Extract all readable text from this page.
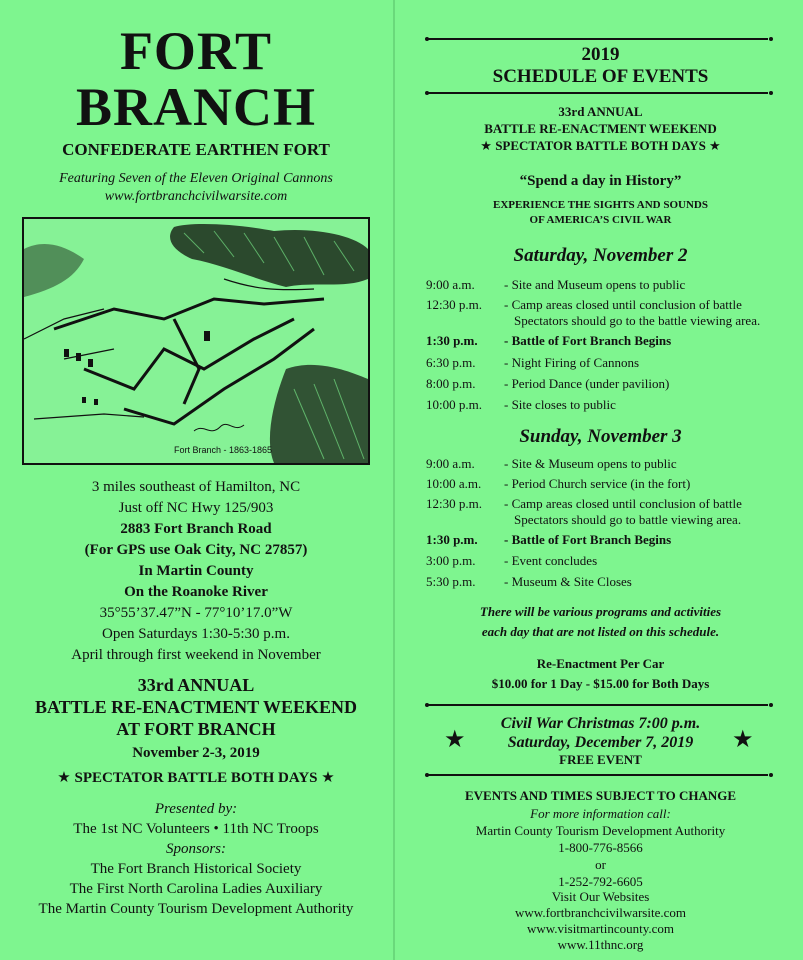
FORT
BRANCH
CONFEDERATE EARTHEN FORT
Featuring Seven of the Eleven Original Cannons
www.fortbranchcivilwarsite.com
Fort Branch - 1863-1865
3 miles southeast of Hamilton, NC
Just off NC Hwy 125/903
2883 Fort Branch Road
(For GPS use Oak City, NC 27857)
In Martin County
On the Roanoke River
35°55’37.47”N - 77°10’17.0”W
Open Saturdays 1:30-5:30 p.m.
April through first weekend in November
33rd ANNUAL
BATTLE RE-ENACTMENT WEEKEND
AT FORT BRANCH
November 2-3, 2019
★ SPECTATOR BATTLE BOTH DAYS ★
Presented by:
The 1st NC Volunteers • 11th NC Troops
Sponsors:
The Fort Branch Historical Society
The First North Carolina Ladies Auxiliary
The Martin County Tourism Development Authority
2019
SCHEDULE OF EVENTS
33rd ANNUAL
BATTLE RE-ENACTMENT WEEKEND
★ SPECTATOR BATTLE BOTH DAYS ★
“Spend a day in History”
EXPERIENCE THE SIGHTS AND SOUNDS
OF AMERICA’S CIVIL WAR
Saturday, November 2
9:00 a.m.	- Site and Museum opens to public
12:30 p.m.	- Camp areas closed until conclusion of battle
Spectators should go to the battle viewing area.
1:30 p.m.	- Battle of Fort Branch Begins
6:30 p.m.	- Night Firing of Cannons
8:00 p.m.	- Period Dance (under pavilion)
10:00 p.m.	- Site closes to public
Sunday, November 3
9:00 a.m.	- Site & Museum opens to public
10:00 a.m.	- Period Church service (in the fort)
12:30 p.m.	- Camp areas closed until conclusion of battle
Spectators should go to battle viewing area.
1:30 p.m.	- Battle of Fort Branch Begins
3:00 p.m.	- Event concludes
5:30 p.m.	- Museum & Site Closes
There will be various programs and activities
each day that are not listed on this schedule.
Re-Enactment Per Car
$10.00 for 1 Day - $15.00 for Both Days
Civil War Christmas 7:00 p.m.
Saturday, December 7, 2019
FREE EVENT
★	★
EVENTS AND TIMES SUBJECT TO CHANGE
For more information call:
Martin County Tourism Development Authority
1-800-776-8566
or
1-252-792-6605
Visit Our Websites
www.fortbranchcivilwarsite.com
www.visitmartincounty.com
www.11thnc.org
